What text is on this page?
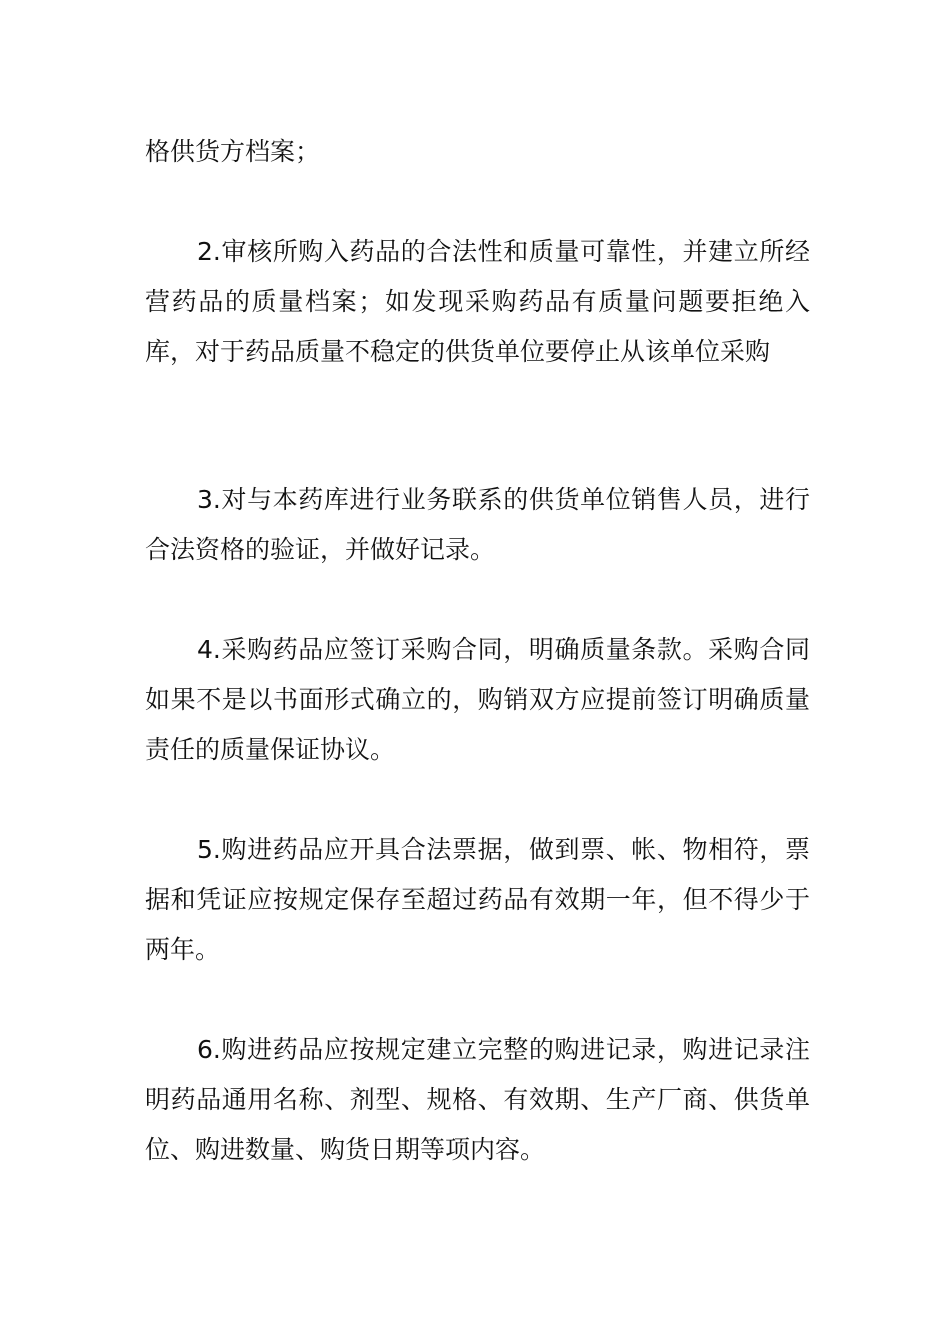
格供货方档案；

2.审核所购入药品的合法性和质量可靠性，并建立所经营药品的质量档案；如发现采购药品有质量问题要拒绝入库，对于药品质量不稳定的供货单位要停止从该单位采购

3.对与本药库进行业务联系的供货单位销售人员，进行合法资格的验证，并做好记录。

4.采购药品应签订采购合同，明确质量条款。采购合同如果不是以书面形式确立的，购销双方应提前签订明确质量责任的质量保证协议。

5.购进药品应开具合法票据，做到票、帐、物相符，票据和凭证应按规定保存至超过药品有效期一年，但不得少于两年。

6.购进药品应按规定建立完整的购进记录，购进记录注明药品通用名称、剂型、规格、有效期、生产厂商、供货单位、购进数量、购货日期等项内容。
